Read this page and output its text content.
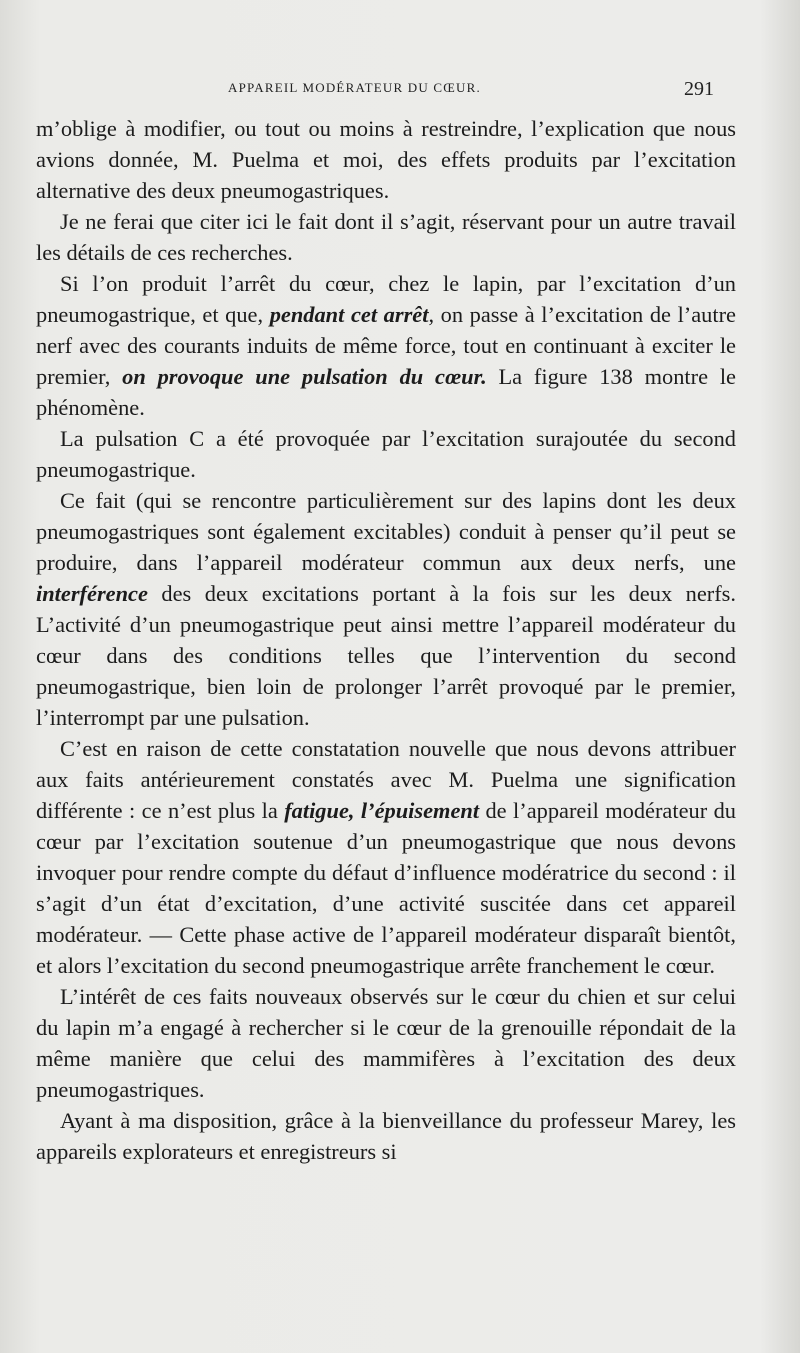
APPAREIL MODÉRATEUR DU CŒUR.	291

m’oblige à modifier, ou tout ou moins à restreindre, l’explication que nous avions donnée, M. Puelma et moi, des effets produits par l’excitation alternative des deux pneumogastriques.

Je ne ferai que citer ici le fait dont il s’agit, réservant pour un autre travail les détails de ces recherches.

Si l’on produit l’arrêt du cœur, chez le lapin, par l’excitation d’un pneumogastrique, et que, pendant cet arrêt, on passe à l’excitation de l’autre nerf avec des courants induits de même force, tout en continuant à exciter le premier, on provoque une pulsation du cœur. La figure 138 montre le phénomène.

La pulsation C a été provoquée par l’excitation surajoutée du second pneumogastrique.

Ce fait (qui se rencontre particulièrement sur des lapins dont les deux pneumogastriques sont également excitables) conduit à penser qu’il peut se produire, dans l’appareil modérateur commun aux deux nerfs, une interférence des deux excitations portant à la fois sur les deux nerfs. L’activité d’un pneumogastrique peut ainsi mettre l’appareil modérateur du cœur dans des conditions telles que l’intervention du second pneumogastrique, bien loin de prolonger l’arrêt provoqué par le premier, l’interrompt par une pulsation.

C’est en raison de cette constatation nouvelle que nous devons attribuer aux faits antérieurement constatés avec M. Puelma une signification différente : ce n’est plus la fatigue, l’épuisement de l’appareil modérateur du cœur par l’excitation soutenue d’un pneumogastrique que nous devons invoquer pour rendre compte du défaut d’influence modératrice du second : il s’agit d’un état d’excitation, d’une activité suscitée dans cet appareil modérateur. — Cette phase active de l’appareil modérateur disparaît bientôt, et alors l’excitation du second pneumogastrique arrête franchement le cœur.

L’intérêt de ces faits nouveaux observés sur le cœur du chien et sur celui du lapin m’a engagé à rechercher si le cœur de la grenouille répondait de la même manière que celui des mammifères à l’excitation des deux pneumogastriques.

Ayant à ma disposition, grâce à la bienveillance du professeur Marey, les appareils explorateurs et enregistreurs si
